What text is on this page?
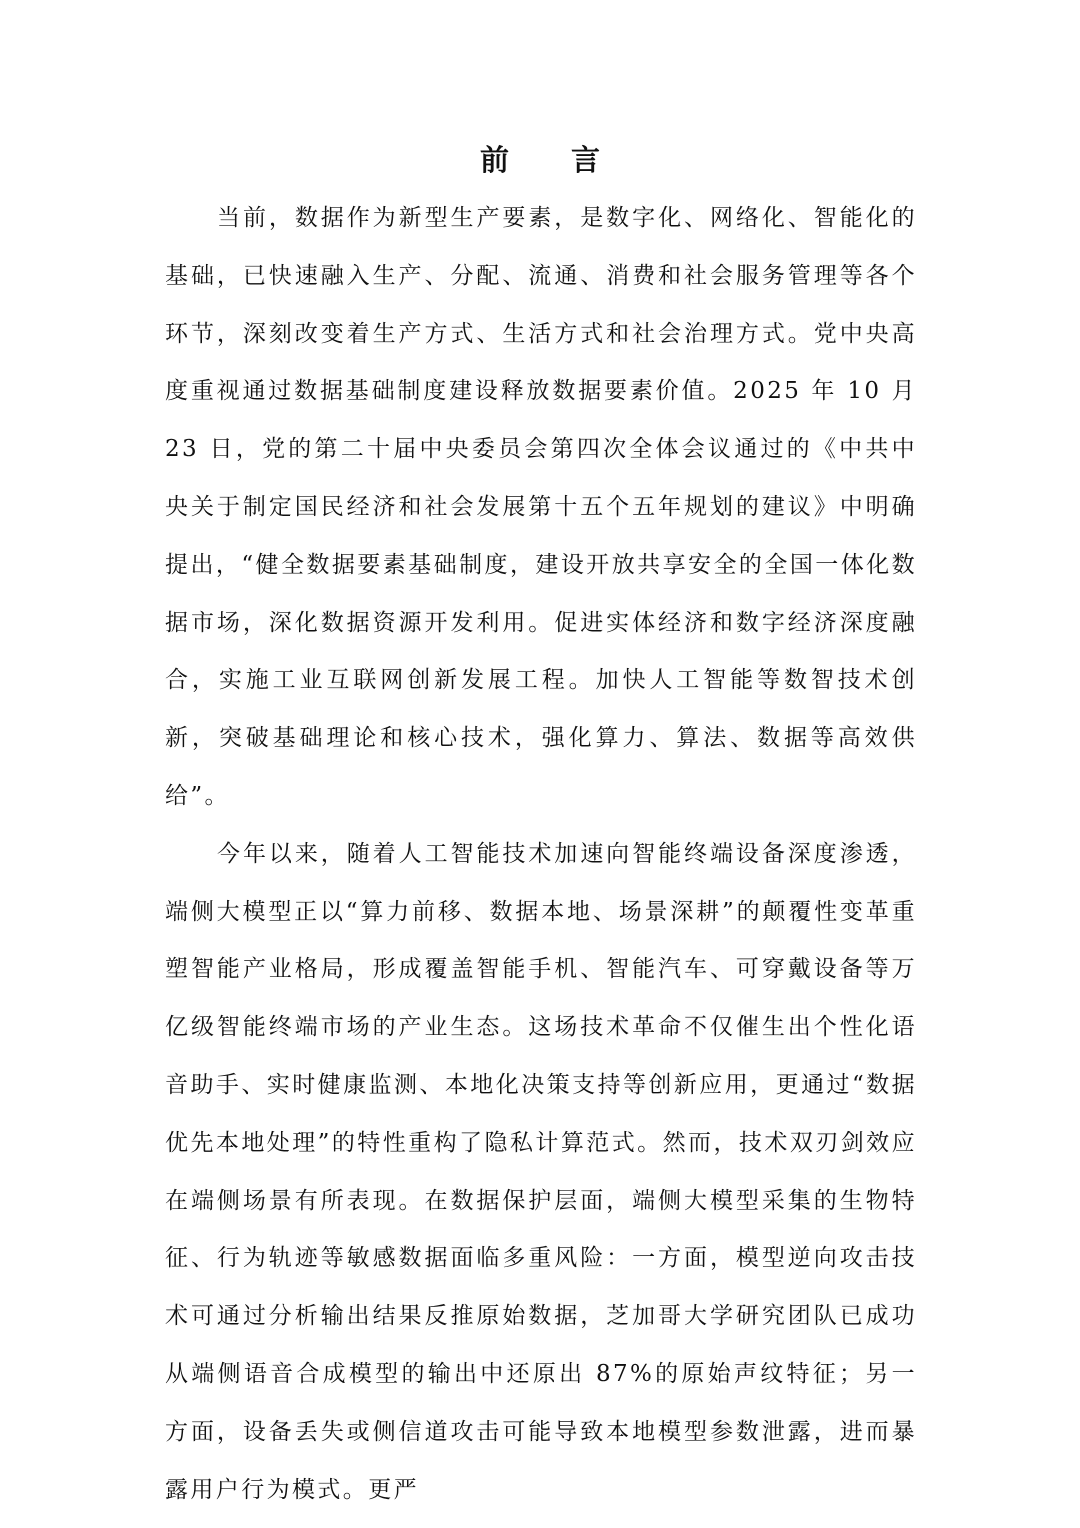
前 言

当前，数据作为新型生产要素，是数字化、网络化、智能化的基础，已快速融入生产、分配、流通、消费和社会服务管理等各个环节，深刻改变着生产方式、生活方式和社会治理方式。党中央高度重视通过数据基础制度建设释放数据要素价值。2025 年 10 月 23 日，党的第二十届中央委员会第四次全体会议通过的《中共中央关于制定国民经济和社会发展第十五个五年规划的建议》中明确提出，“健全数据要素基础制度，建设开放共享安全的全国一体化数据市场，深化数据资源开发利用。促进实体经济和数字经济深度融合，实施工业互联网创新发展工程。加快人工智能等数智技术创新，突破基础理论和核心技术，强化算力、算法、数据等高效供给”。

今年以来，随着人工智能技术加速向智能终端设备深度渗透，端侧大模型正以“算力前移、数据本地、场景深耕”的颠覆性变革重塑智能产业格局，形成覆盖智能手机、智能汽车、可穿戴设备等万亿级智能终端市场的产业生态。这场技术革命不仅催生出个性化语音助手、实时健康监测、本地化决策支持等创新应用，更通过“数据优先本地处理”的特性重构了隐私计算范式。然而，技术双刃剑效应在端侧场景有所表现。在数据保护层面，端侧大模型采集的生物特征、行为轨迹等敏感数据面临多重风险：一方面，模型逆向攻击技术可通过分析输出结果反推原始数据，芝加哥大学研究团队已成功从端侧语音合成模型的输出中还原出 87%的原始声纹特征；另一方面，设备丢失或侧信道攻击可能导致本地模型参数泄露，进而暴露用户行为模式。更严
